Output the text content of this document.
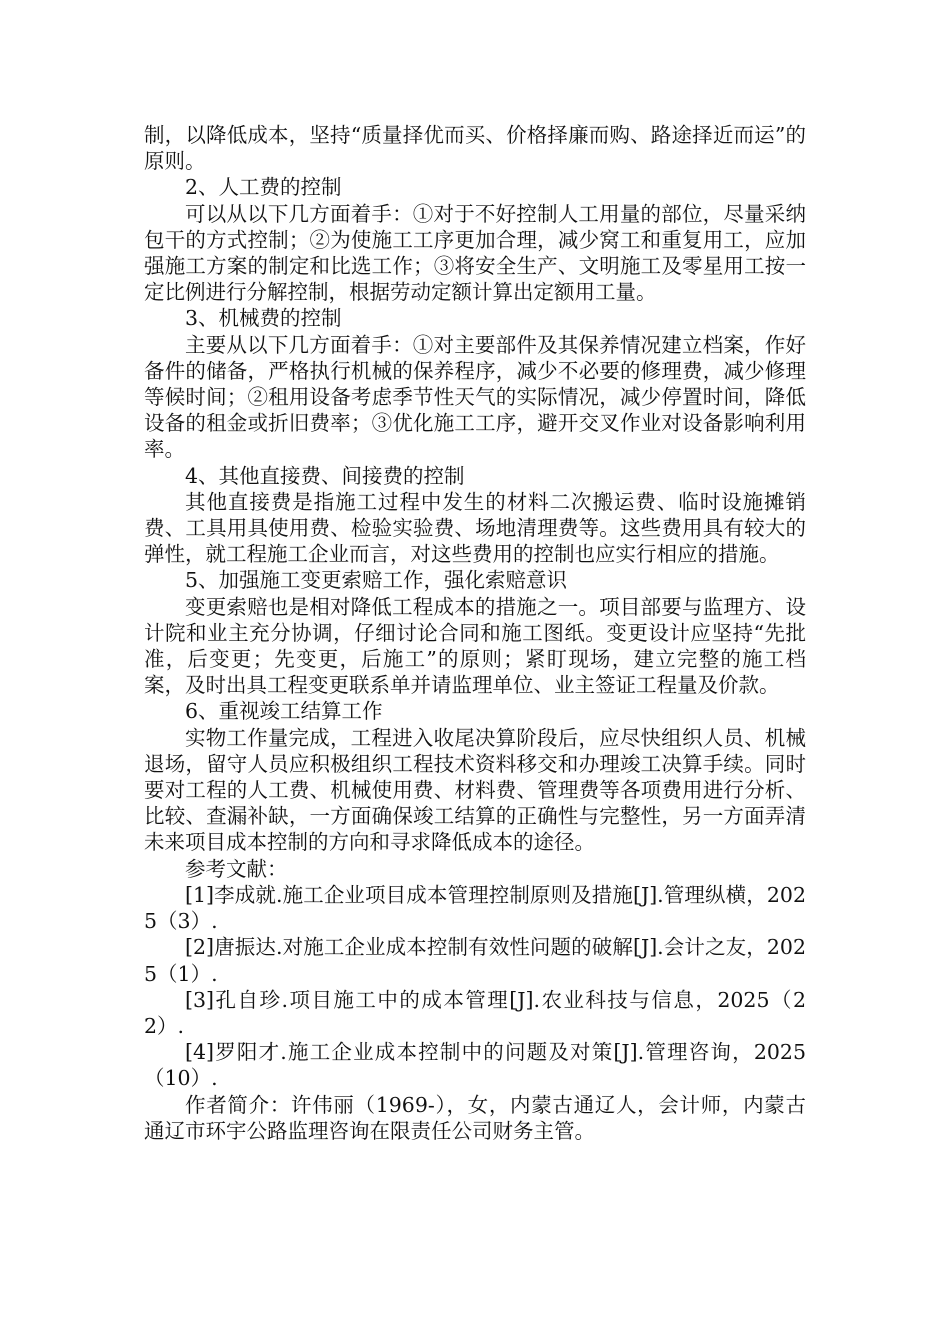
制，以降低成本，坚持“质量择优而买、价格择廉而购、路途择近而运”的原则。

2、人工费的控制

可以从以下几方面着手：①对于不好控制人工用量的部位，尽量采纳包干的方式控制；②为使施工工序更加合理，减少窝工和重复用工，应加强施工方案的制定和比选工作；③将安全生产、文明施工及零星用工按一定比例进行分解控制，根据劳动定额计算出定额用工量。

3、机械费的控制

主要从以下几方面着手：①对主要部件及其保养情况建立档案，作好备件的储备，严格执行机械的保养程序，减少不必要的修理费，减少修理等候时间；②租用设备考虑季节性天气的实际情况，减少停置时间，降低设备的租金或折旧费率；③优化施工工序，避开交叉作业对设备影响利用率。

4、其他直接费、间接费的控制

其他直接费是指施工过程中发生的材料二次搬运费、临时设施摊销费、工具用具使用费、检验实验费、场地清理费等。这些费用具有较大的弹性，就工程施工企业而言，对这些费用的控制也应实行相应的措施。

5、加强施工变更索赔工作，强化索赔意识

变更索赔也是相对降低工程成本的措施之一。项目部要与监理方、设计院和业主充分协调，仔细讨论合同和施工图纸。变更设计应坚持“先批准，后变更；先变更，后施工”的原则；紧盯现场，建立完整的施工档案，及时出具工程变更联系单并请监理单位、业主签证工程量及价款。

6、重视竣工结算工作

实物工作量完成，工程进入收尾决算阶段后，应尽快组织人员、机械退场，留守人员应积极组织工程技术资料移交和办理竣工决算手续。同时要对工程的人工费、机械使用费、材料费、管理费等各项费用进行分析、比较、查漏补缺，一方面确保竣工结算的正确性与完整性，另一方面弄清未来项目成本控制的方向和寻求降低成本的途径。

参考文献：

[1]李成就.施工企业项目成本管理控制原则及措施[J].管理纵横，2025（3）.

[2]唐振达.对施工企业成本控制有效性问题的破解[J].会计之友，2025（1）.

[3]孔自珍.项目施工中的成本管理[J].农业科技与信息，2025（22）.

[4]罗阳才.施工企业成本控制中的问题及对策[J].管理咨询，2025（10）.

作者简介：许伟丽（1969-），女，内蒙古通辽人，会计师，内蒙古通辽市环宇公路监理咨询在限责任公司财务主管。
